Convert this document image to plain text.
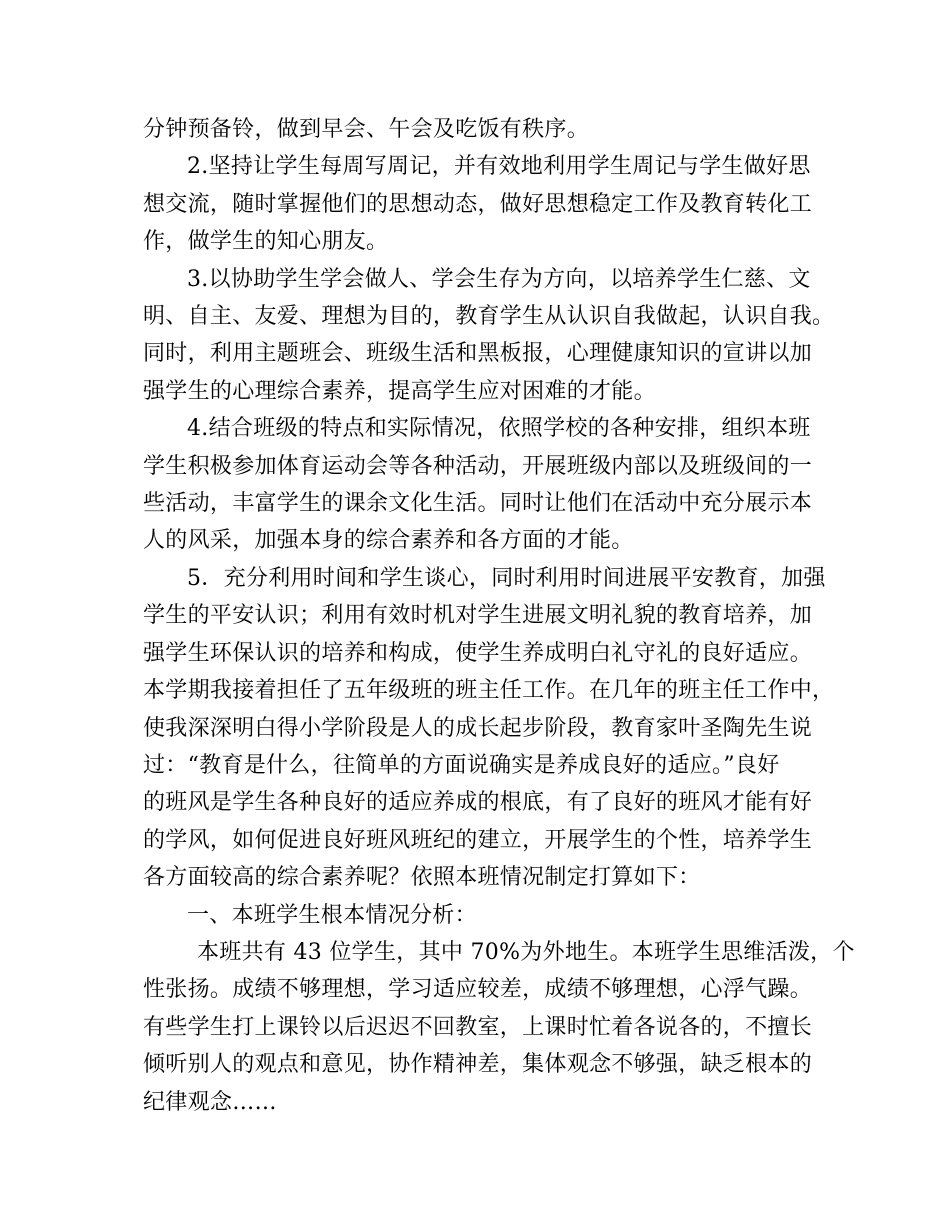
分钟预备铃，做到早会、午会及吃饭有秩序。
2.坚持让学生每周写周记，并有效地利用学生周记与学生做好思
想交流，随时掌握他们的思想动态，做好思想稳定工作及教育转化工
作，做学生的知心朋友。
3.以协助学生学会做人、学会生存为方向，以培养学生仁慈、文
明、自主、友爱、理想为目的，教育学生从认识自我做起，认识自我。
同时，利用主题班会、班级生活和黑板报，心理健康知识的宣讲以加
强学生的心理综合素养，提高学生应对困难的才能。
4.结合班级的特点和实际情况，依照学校的各种安排，组织本班
学生积极参加体育运动会等各种活动，开展班级内部以及班级间的一
些活动，丰富学生的课余文化生活。同时让他们在活动中充分展示本
人的风采，加强本身的综合素养和各方面的才能。
5．充分利用时间和学生谈心，同时利用时间进展平安教育，加强
学生的平安认识；利用有效时机对学生进展文明礼貌的教育培养，加
强学生环保认识的培养和构成，使学生养成明白礼守礼的良好适应。
本学期我接着担任了五年级班的班主任工作。在几年的班主任工作中，
使我深深明白得小学阶段是人的成长起步阶段，教育家叶圣陶先生说
过：“教育是什么，往简单的方面说确实是养成良好的适应。”良好
的班风是学生各种良好的适应养成的根底，有了良好的班风才能有好
的学风，如何促进良好班风班纪的建立，开展学生的个性，培养学生
各方面较高的综合素养呢？依照本班情况制定打算如下：
一、本班学生根本情况分析：
本班共有 43 位学生，其中 70%为外地生。本班学生思维活泼，个
性张扬。成绩不够理想，学习适应较差，成绩不够理想，心浮气躁。
有些学生打上课铃以后迟迟不回教室，上课时忙着各说各的，不擅长
倾听别人的观点和意见，协作精神差，集体观念不够强，缺乏根本的
纪律观念……
